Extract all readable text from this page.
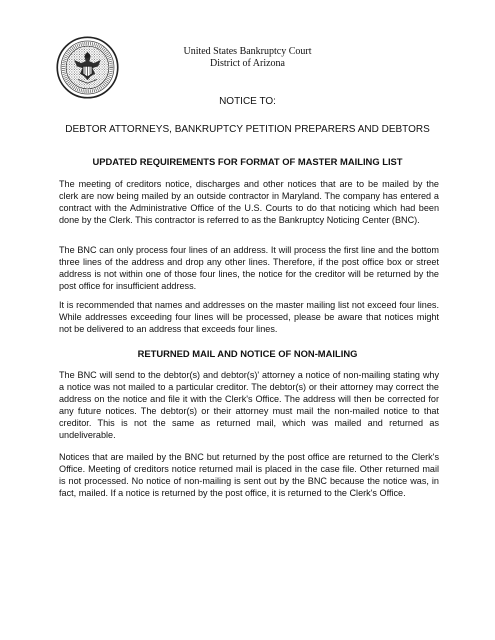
United States Bankruptcy Court
District of Arizona
NOTICE TO:
DEBTOR ATTORNEYS, BANKRUPTCY PETITION PREPARERS AND DEBTORS
UPDATED REQUIREMENTS FOR FORMAT OF MASTER MAILING LIST

The meeting of creditors notice, discharges and other notices that are to be mailed by the clerk are now being mailed by an outside contractor in Maryland. The company has entered a contract with the Administrative Office of the U.S. Courts to do that noticing which had been done by the Clerk. This contractor is referred to as the Bankruptcy Noticing Center (BNC).

The BNC can only process four lines of an address. It will process the first line and the bottom three lines of the address and drop any other lines. Therefore, if the post office box or street address is not within one of those four lines, the notice for the creditor will be returned by the post office for insufficient address.

It is recommended that names and addresses on the master mailing list not exceed four lines. While addresses exceeding four lines will be processed, please be aware that notices might not be delivered to an address that exceeds four lines.

RETURNED MAIL AND NOTICE OF NON-MAILING

The BNC will send to the debtor(s) and debtor(s)' attorney a notice of non-mailing stating why a notice was not mailed to a particular creditor. The debtor(s) or their attorney may correct the address on the notice and file it with the Clerk's Office. The address will then be corrected for any future notices. The debtor(s) or their attorney must mail the non-mailed notice to that creditor. This is not the same as returned mail, which was mailed and returned as undeliverable.

Notices that are mailed by the BNC but returned by the post office are returned to the Clerk's Office. Meeting of creditors notice returned mail is placed in the case file. Other returned mail is not processed. No notice of non-mailing is sent out by the BNC because the notice was, in fact, mailed. If a notice is returned by the post office, it is returned to the Clerk's Office.
